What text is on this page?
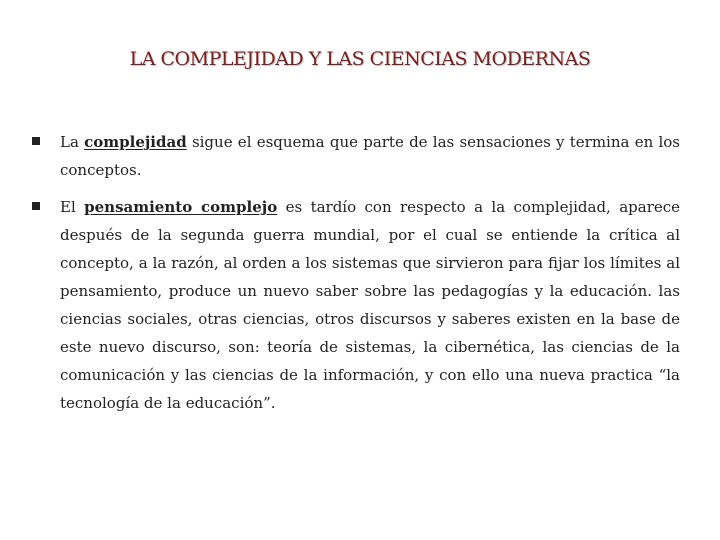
LA COMPLEJIDAD Y LAS CIENCIAS MODERNAS
La complejidad sigue el esquema que parte de las sensaciones y termina en los conceptos.
El pensamiento complejo es tardío con respecto a la complejidad, aparece después de la segunda guerra mundial, por el cual se entiende la crítica al concepto, a la razón, al orden a los sistemas que sirvieron para fijar los límites al pensamiento, produce un nuevo saber sobre las pedagogías y la educación. las ciencias sociales, otras ciencias, otros discursos y saberes existen en la base de este nuevo discurso, son: teoría de sistemas, la cibernética, las ciencias de la comunicación y las ciencias de la información, y con ello una nueva practica “la tecnología de la educación”.
